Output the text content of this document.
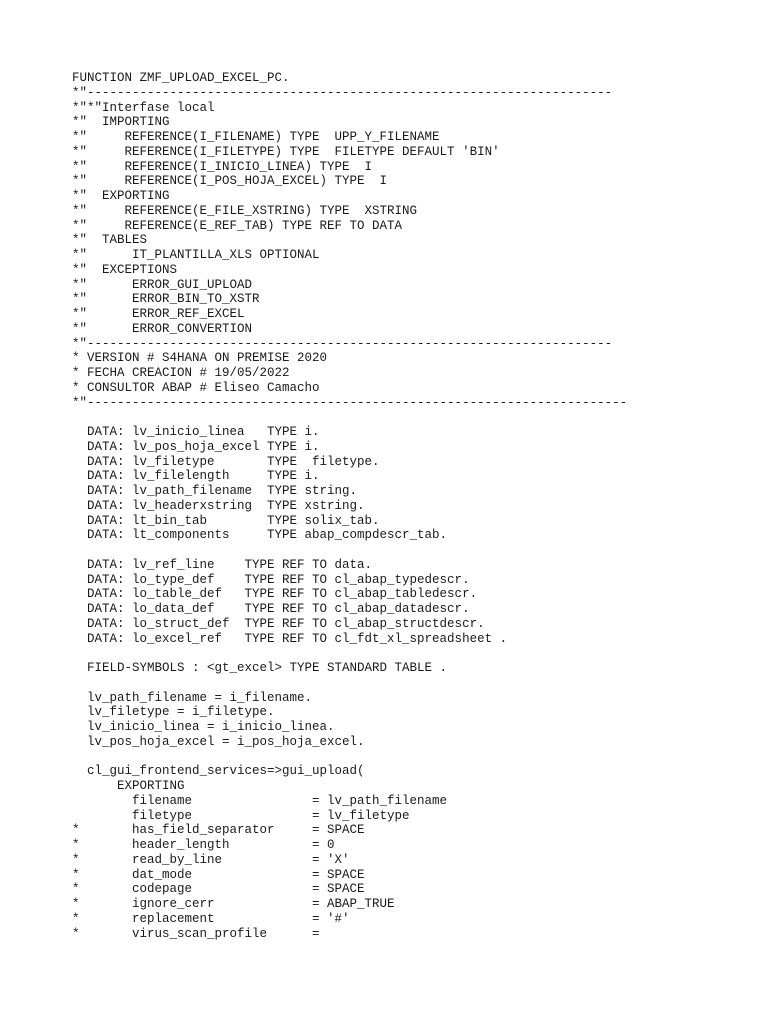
FUNCTION ZMF_UPLOAD_EXCEL_PC.
*"----------------------------------------------------------------------
*"*"Interfase local
*"  IMPORTING
*"     REFERENCE(I_FILENAME) TYPE  UPP_Y_FILENAME
*"     REFERENCE(I_FILETYPE) TYPE  FILETYPE DEFAULT 'BIN'
*"     REFERENCE(I_INICIO_LINEA) TYPE  I
*"     REFERENCE(I_POS_HOJA_EXCEL) TYPE  I
*"  EXPORTING
*"     REFERENCE(E_FILE_XSTRING) TYPE  XSTRING
*"     REFERENCE(E_REF_TAB) TYPE REF TO DATA
*"  TABLES
*"      IT_PLANTILLA_XLS OPTIONAL
*"  EXCEPTIONS
*"      ERROR_GUI_UPLOAD
*"      ERROR_BIN_TO_XSTR
*"      ERROR_REF_EXCEL
*"      ERROR_CONVERTION
*"----------------------------------------------------------------------
* VERSION # S4HANA ON PREMISE 2020
* FECHA CREACION # 19/05/2022
* CONSULTOR ABAP # Eliseo Camacho
*"------------------------------------------------------------------------
DATA: lv_inicio_linea   TYPE i.
DATA: lv_pos_hoja_excel TYPE i.
DATA: lv_filetype       TYPE  filetype.
DATA: lv_filelength     TYPE i.
DATA: lv_path_filename  TYPE string.
DATA: lv_headerxstring  TYPE xstring.
DATA: lt_bin_tab        TYPE solix_tab.
DATA: lt_components     TYPE abap_compdescr_tab.
DATA: lv_ref_line    TYPE REF TO data.
DATA: lo_type_def    TYPE REF TO cl_abap_typedescr.
DATA: lo_table_def   TYPE REF TO cl_abap_tabledescr.
DATA: lo_data_def    TYPE REF TO cl_abap_datadescr.
DATA: lo_struct_def  TYPE REF TO cl_abap_structdescr.
DATA: lo_excel_ref   TYPE REF TO cl_fdt_xl_spreadsheet .
FIELD-SYMBOLS : <gt_excel> TYPE STANDARD TABLE .
lv_path_filename = i_filename.
lv_filetype = i_filetype.
lv_inicio_linea = i_inicio_linea.
lv_pos_hoja_excel = i_pos_hoja_excel.
cl_gui_frontend_services=>gui_upload(
EXPORTING
filename                = lv_path_filename
filetype                = lv_filetype
*       has_field_separator     = SPACE
*       header_length           = 0
*       read_by_line            = 'X'
*       dat_mode                = SPACE
*       codepage                = SPACE
*       ignore_cerr             = ABAP_TRUE
*       replacement             = '#'
*       virus_scan_profile      =
